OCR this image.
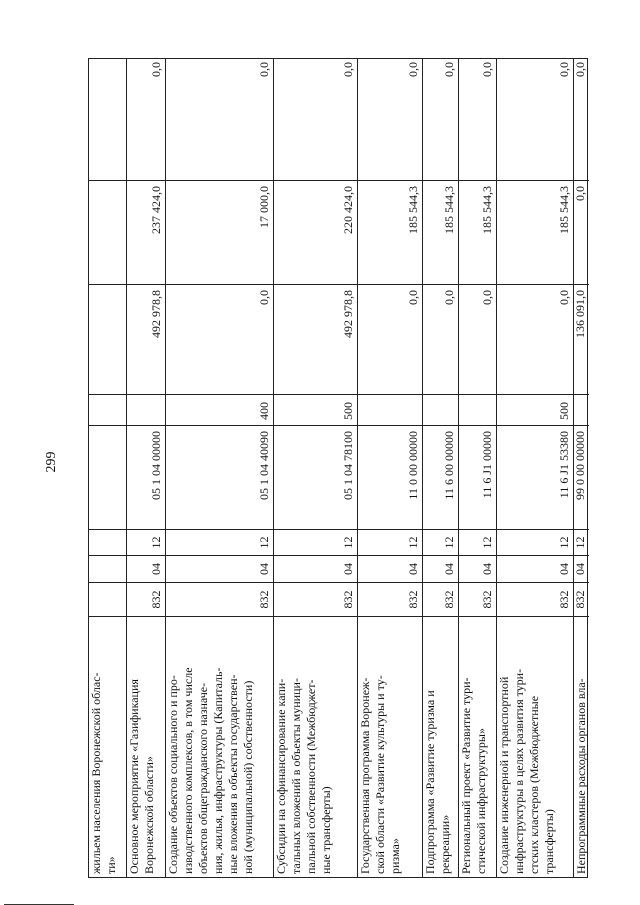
299
жильем населения Воронежской облас- ти» Основное мероприятие «Газификация Воронежской области»
832
04
12
05 1 04 00000
492 978,8
237 424,0
0,0
Создание объектов социального и про- изводственного комплексов, в том числе объектов общегражданского назначе- ния, жилья, инфраструктуры (Капиталь- ные вложения в объекты государствен- ной (муниципальной) собственности)
832
04
12
05 1 04 40090
400
0,0
17 000,0
0,0
Субсидии на софинансирование капи- тальных вложений в объекты муници- пальной собственности (Межбюджет- ные трансферты)
832
04
12
05 1 04 78100
500
492 978,8
220 424,0
0,0
Государственная программа Воронеж- ской области «Развитие культуры и ту- ризма»
832
04
12
11 0 00 00000
0,0
185 544,3
0,0
Подпрограмма «Развитие туризма и рекреации»
832
04
12
11 6 00 00000
0,0
185 544,3
0,0
Региональный проект «Развитие тури- стической инфраструктуры»
832
04
12
11 6 J1 00000
0,0
185 544,3
0,0
Создание инженерной и транспортной инфраструктуры в целях развития тури- стских кластеров (Межбюджетные трансферты)
832
04
12
11 6 J1 53380
500
0,0
185 544,3
0,0
Непрограммные расходы органов вла-
832
04
12
99 0 00 00000
136 091,0
0,0
0,0
